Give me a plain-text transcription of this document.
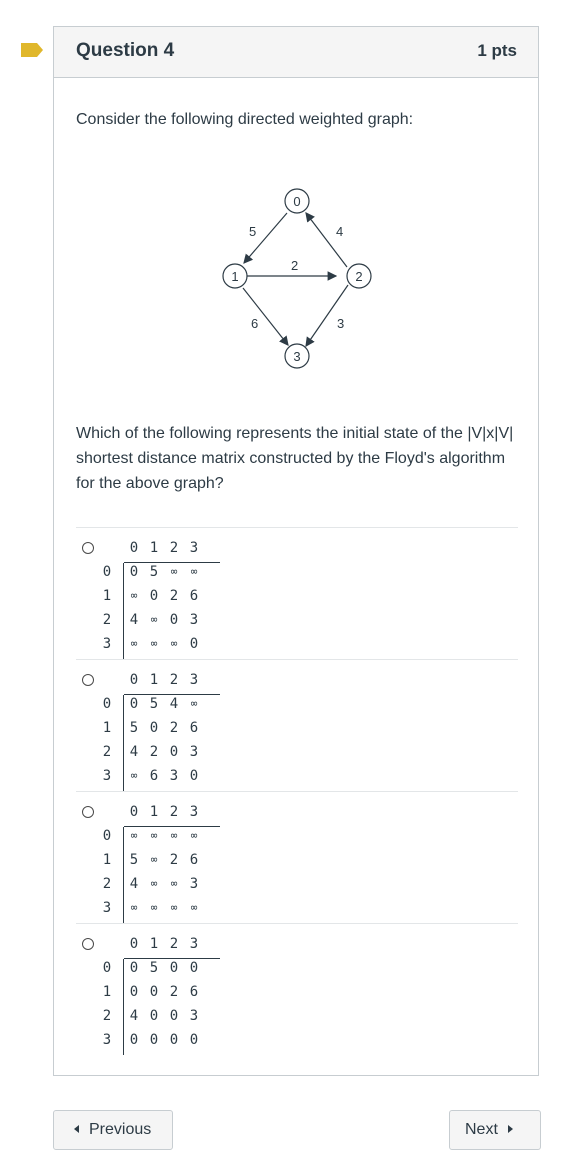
Question 4	1 pts
Consider the following directed weighted graph:
4
5
2
6	3
0
1	2
3
Which of the following represents the initial state of the |V|x|V| shortest distance matrix constructed by the Floyd's algorithm for the above graph?
0 1 2 3
0	0 5	∞	∞
1	∞ 0 2 6
2	4	∞ 0 3
3	∞	∞	∞ 0
0 1 2 3
0	0 5 4	∞
1	5 0 2 6
2	4 2 0 3
3	∞ 6 3 0
0 1 2 3
0	∞	∞	∞	∞
1	5	∞ 2 6
2	4	∞	∞ 3
3	∞	∞	∞	∞
0 1 2 3
0	0 5 0 0
1	0 0 2 6
2	4 0 0 3
3	0 0 0 0
Previous	Next
